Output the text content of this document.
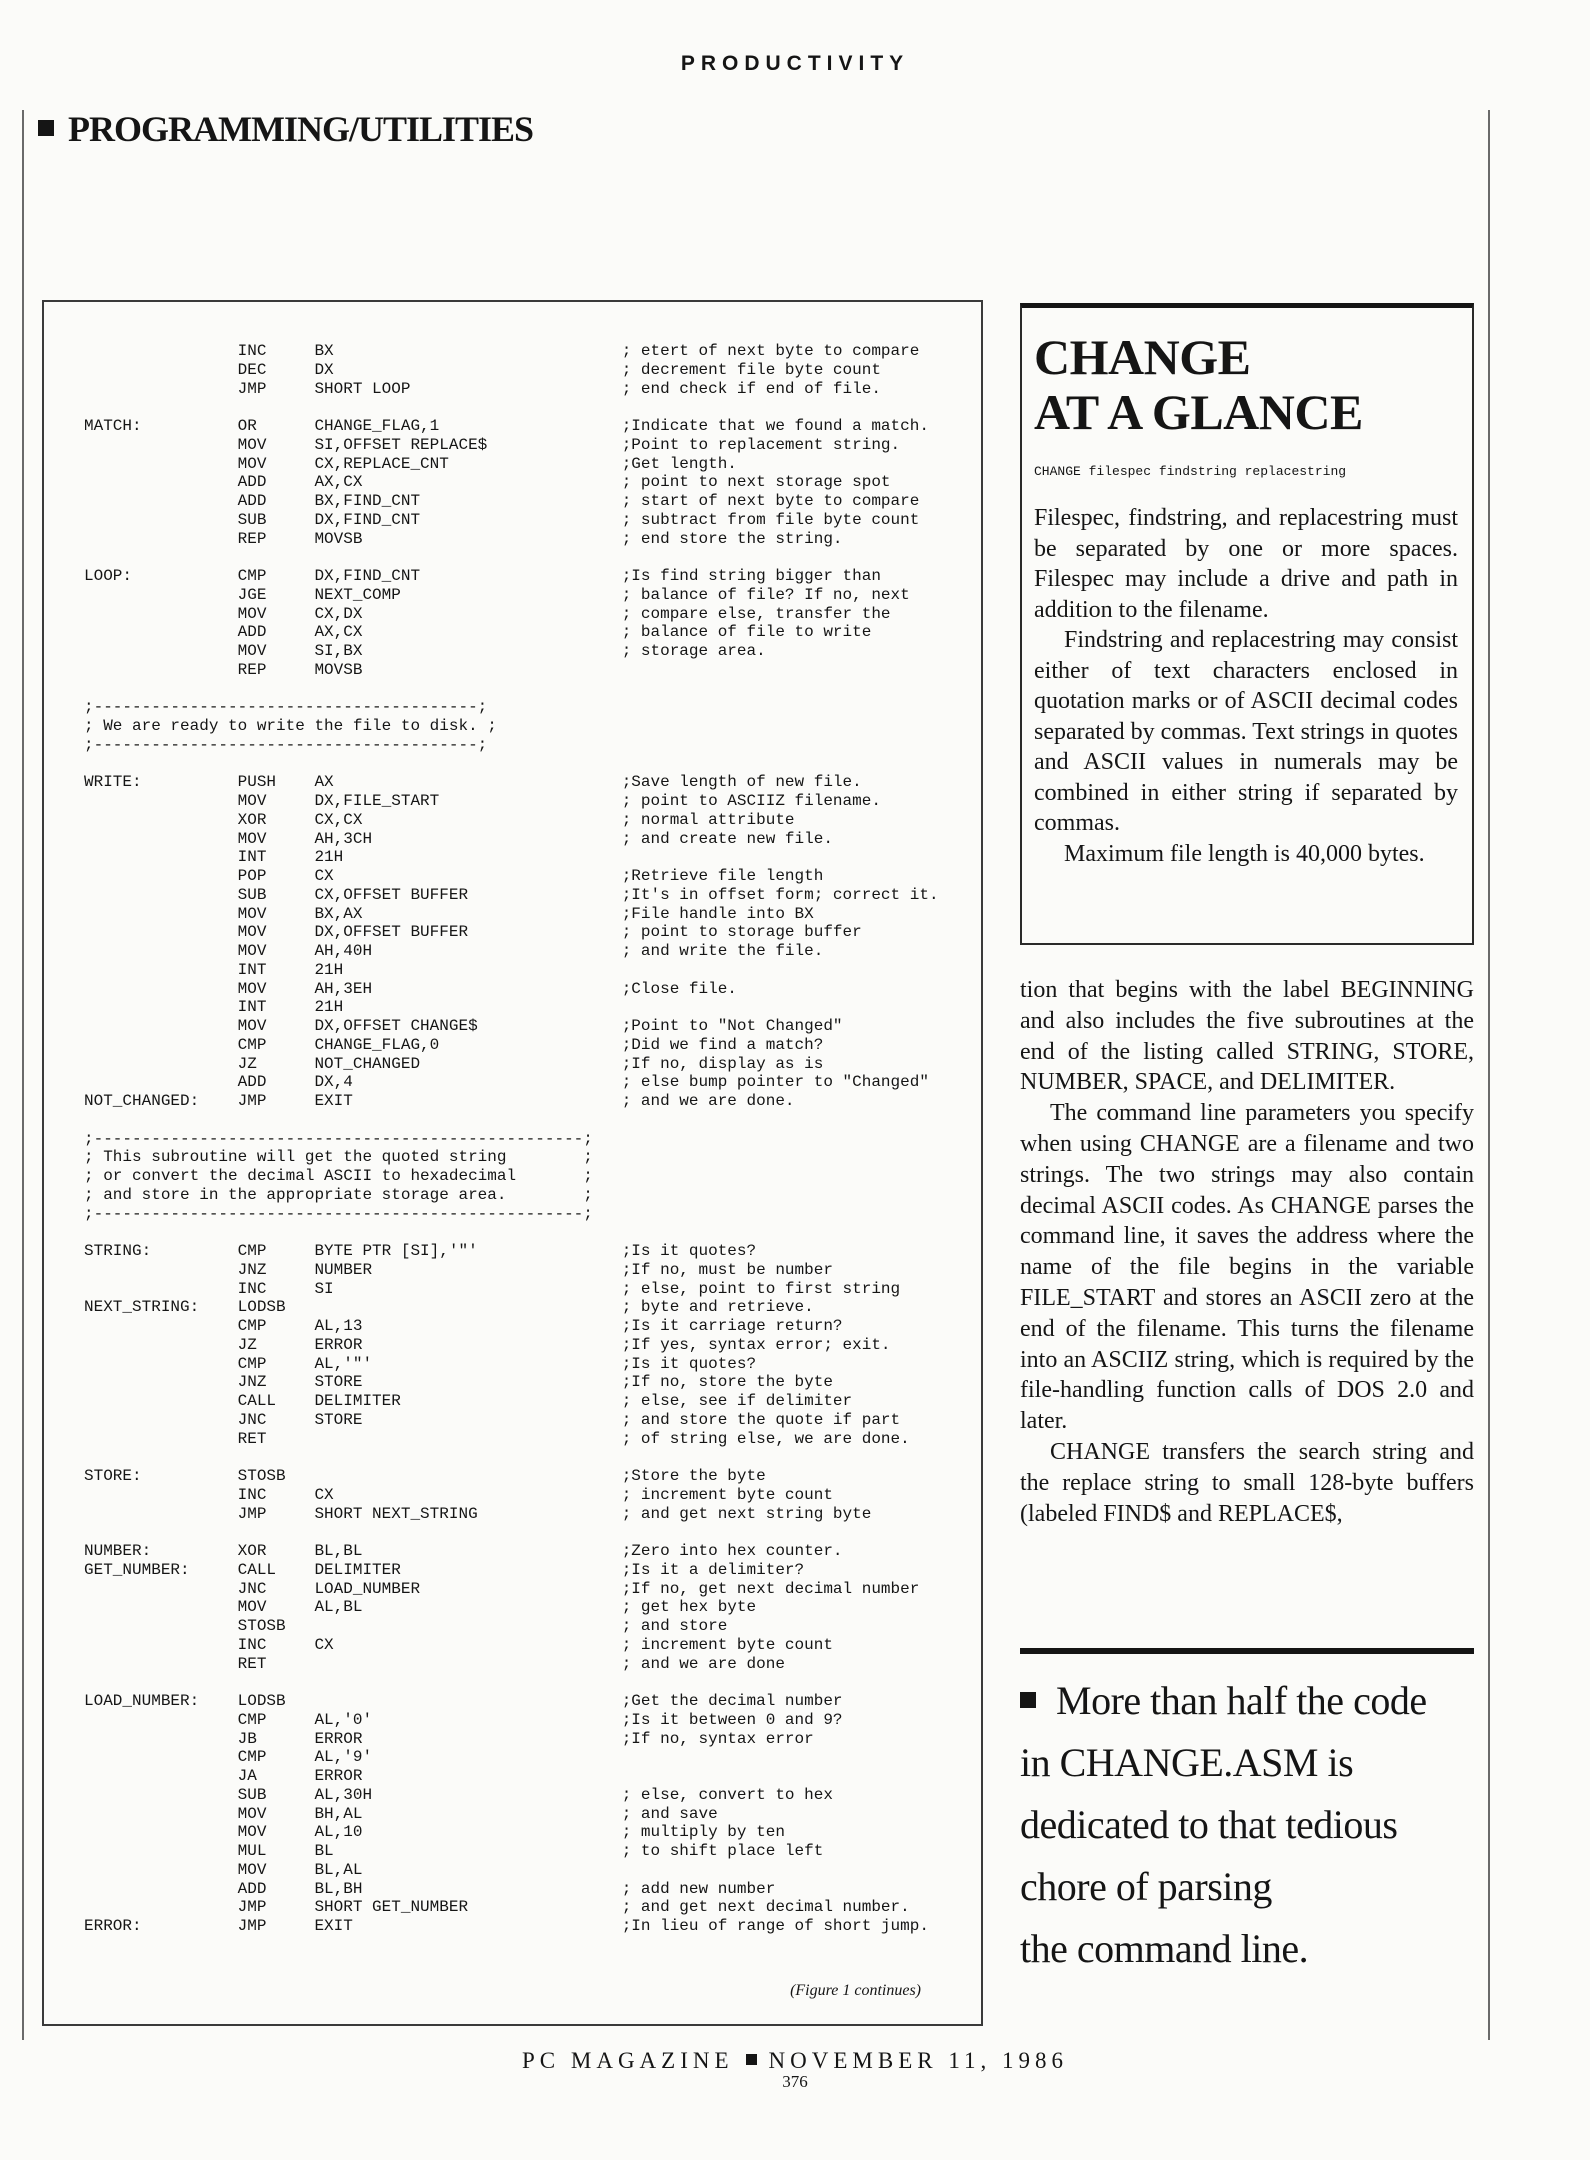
PRODUCTIVITY
PROGRAMMING/UTILITIES
INC     BX                              ; etert of next byte to compare
DEC     DX                              ; decrement file byte count
JMP     SHORT LOOP                      ; end check if end of file.
MATCH:          OR      CHANGE_FLAG,1                   ;Indicate that we found a match.
MOV     SI,OFFSET REPLACE$              ;Point to replacement string.
MOV     CX,REPLACE_CNT                  ;Get length.
ADD     AX,CX                           ; point to next storage spot
ADD     BX,FIND_CNT                     ; start of next byte to compare
SUB     DX,FIND_CNT                     ; subtract from file byte count
REP     MOVSB                           ; end store the string.
LOOP:           CMP     DX,FIND_CNT                     ;Is find string bigger than
JGE     NEXT_COMP                       ; balance of file? If no, next
MOV     CX,DX                           ; compare else, transfer the
ADD     AX,CX                           ; balance of file to write
MOV     SI,BX                           ; storage area.
REP     MOVSB
;----------------------------------------;
; We are ready to write the file to disk. ;
;----------------------------------------;
WRITE:          PUSH    AX                              ;Save length of new file.
MOV     DX,FILE_START                   ; point to ASCIIZ filename.
XOR     CX,CX                           ; normal attribute
MOV     AH,3CH                          ; and create new file.
INT     21H
POP     CX                              ;Retrieve file length
SUB     CX,OFFSET BUFFER                ;It's in offset form; correct it.
MOV     BX,AX                           ;File handle into BX
MOV     DX,OFFSET BUFFER                ; point to storage buffer
MOV     AH,40H                          ; and write the file.
INT     21H
MOV     AH,3EH                          ;Close file.
INT     21H
MOV     DX,OFFSET CHANGE$               ;Point to "Not Changed"
CMP     CHANGE_FLAG,0                   ;Did we find a match?
JZ      NOT_CHANGED                     ;If no, display as is
ADD     DX,4                            ; else bump pointer to "Changed"
NOT_CHANGED:    JMP     EXIT                            ; and we are done.
;---------------------------------------------------;
; This subroutine will get the quoted string        ;
; or convert the decimal ASCII to hexadecimal       ;
; and store in the appropriate storage area.        ;
;---------------------------------------------------;
STRING:         CMP     BYTE PTR [SI],'"'               ;Is it quotes?
JNZ     NUMBER                          ;If no, must be number
INC     SI                              ; else, point to first string
NEXT_STRING:    LODSB                                   ; byte and retrieve.
CMP     AL,13                           ;Is it carriage return?
JZ      ERROR                           ;If yes, syntax error; exit.
CMP     AL,'"'                          ;Is it quotes?
JNZ     STORE                           ;If no, store the byte
CALL    DELIMITER                       ; else, see if delimiter
JNC     STORE                           ; and store the quote if part
RET                                     ; of string else, we are done.
STORE:          STOSB                                   ;Store the byte
INC     CX                              ; increment byte count
JMP     SHORT NEXT_STRING               ; and get next string byte
NUMBER:         XOR     BL,BL                           ;Zero into hex counter.
GET_NUMBER:     CALL    DELIMITER                       ;Is it a delimiter?
JNC     LOAD_NUMBER                     ;If no, get next decimal number
MOV     AL,BL                           ; get hex byte
STOSB                                   ; and store
INC     CX                              ; increment byte count
RET                                     ; and we are done
LOAD_NUMBER:    LODSB                                   ;Get the decimal number
CMP     AL,'0'                          ;Is it between 0 and 9?
JB      ERROR                           ;If no, syntax error
CMP     AL,'9'
JA      ERROR
SUB     AL,30H                          ; else, convert to hex
MOV     BH,AL                           ; and save
MOV     AL,10                           ; multiply by ten
MUL     BL                              ; to shift place left
MOV     BL,AL
ADD     BL,BH                           ; add new number
JMP     SHORT GET_NUMBER                ; and get next decimal number.
ERROR:          JMP     EXIT                            ;In lieu of range of short jump.
(Figure 1 continues)
CHANGE
AT A GLANCE
CHANGE filespec findstring replacestring

Filespec, findstring, and replacestring must be separated by one or more spaces. Filespec may include a drive and path in addition to the filename.

Findstring and replacestring may consist either of text characters enclosed in quotation marks or of ASCII decimal codes separated by commas. Text strings in quotes and ASCII values in numerals may be combined in either string if separated by commas.

Maximum file length is 40,000 bytes.

tion that begins with the label BEGINNING and also includes the five subroutines at the end of the listing called STRING, STORE, NUMBER, SPACE, and DELIMITER.

The command line parameters you specify when using CHANGE are a filename and two strings. The two strings may also contain decimal ASCII codes. As CHANGE parses the command line, it saves the address where the name of the file begins in the variable FILE_START and stores an ASCII zero at the end of the filename. This turns the filename into an ASCIIZ string, which is required by the file-handling function calls of DOS 2.0 and later.

CHANGE transfers the search string and the replace string to small 128-byte buffers (labeled FIND$ and REPLACE$,

More than half the code
in CHANGE.ASM is
dedicated to that tedious
chore of parsing
the command line.
PC MAGAZINE NOVEMBER 11, 1986
376
